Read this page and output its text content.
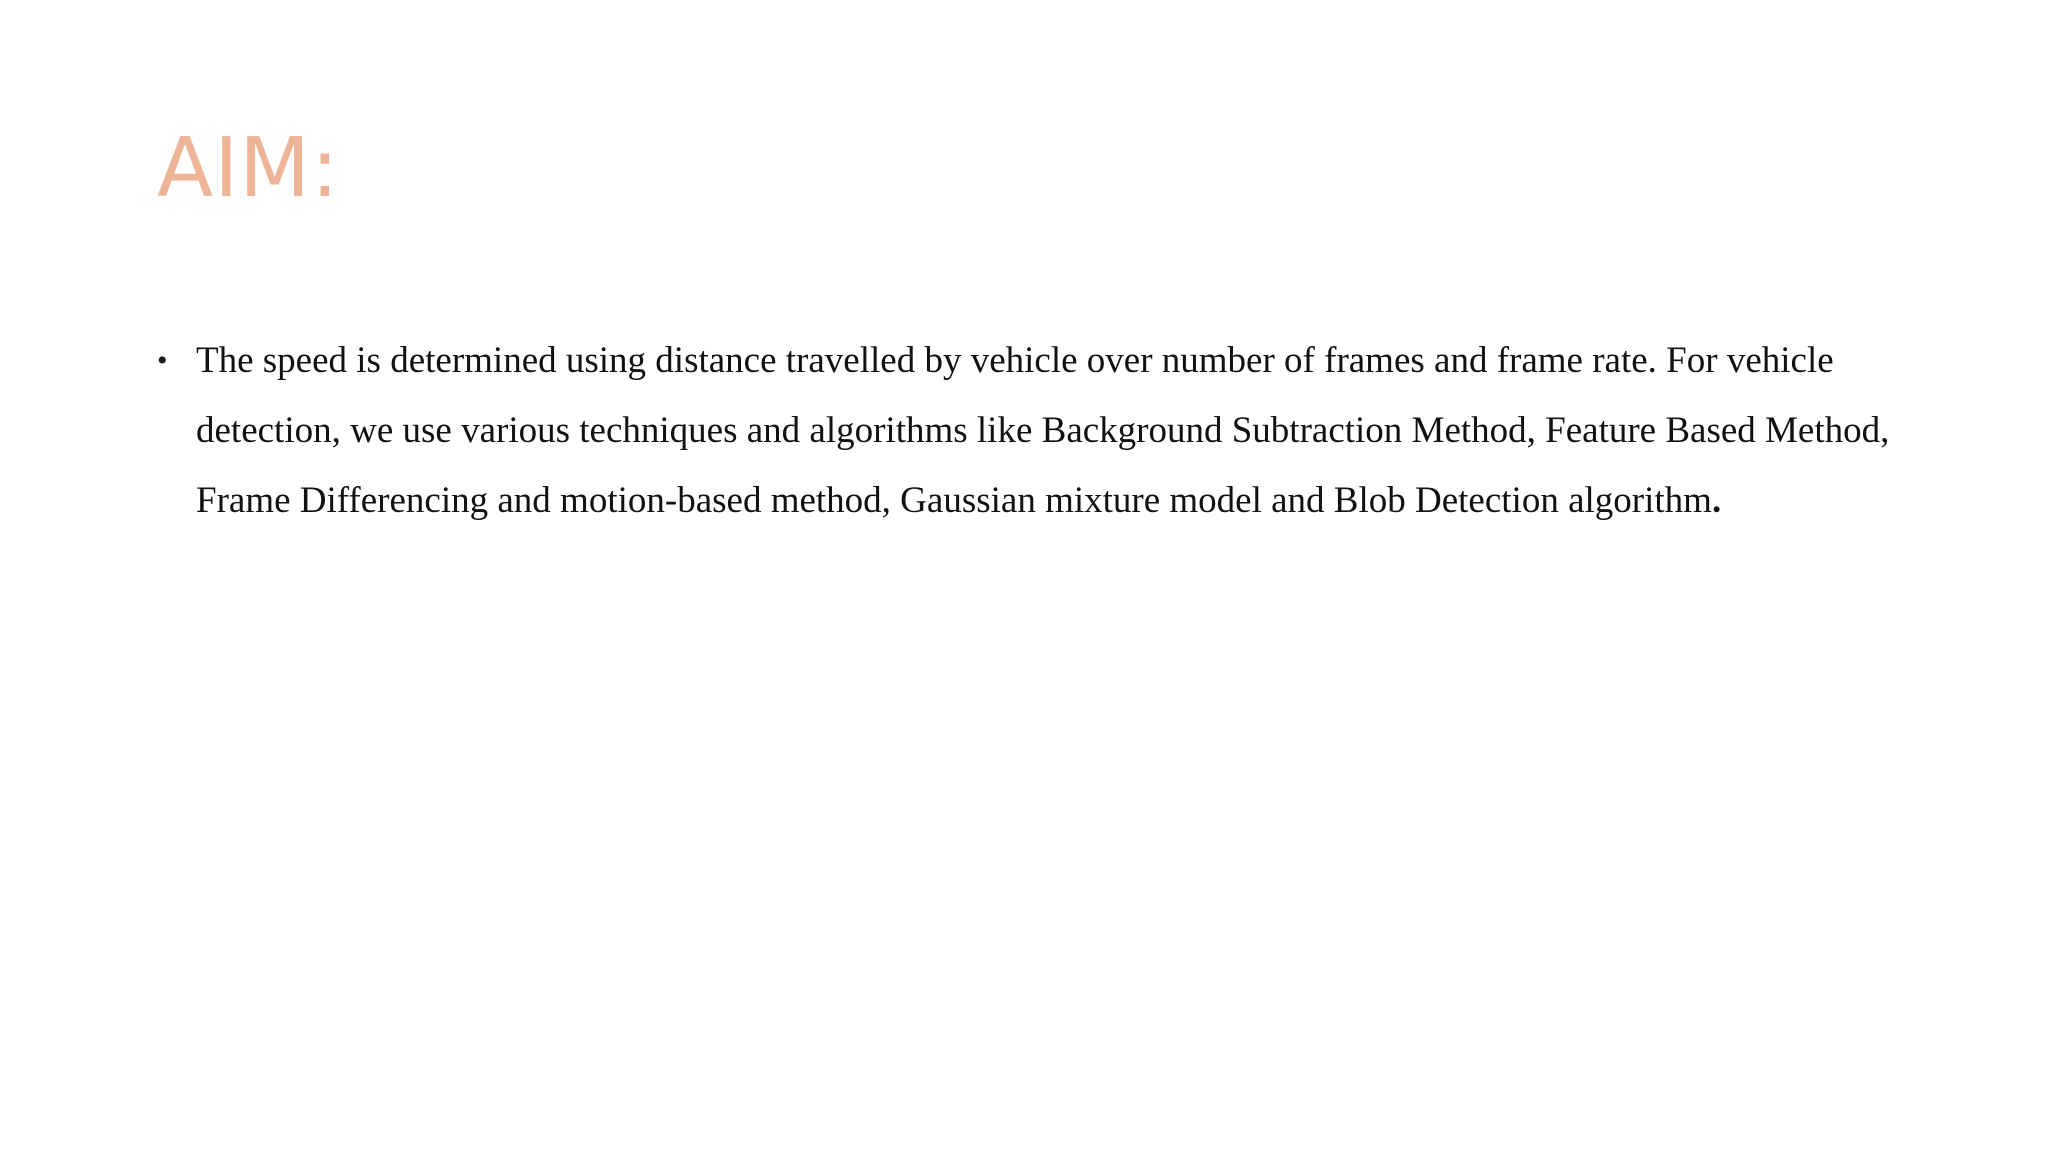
AIM:
• The speed is determined using distance travelled by vehicle over number of frames and frame rate. For vehicle detection, we use various techniques and algorithms like Background Subtraction Method, Feature Based Method, Frame Differencing and motion-based method, Gaussian mixture model and Blob Detection algorithm.
